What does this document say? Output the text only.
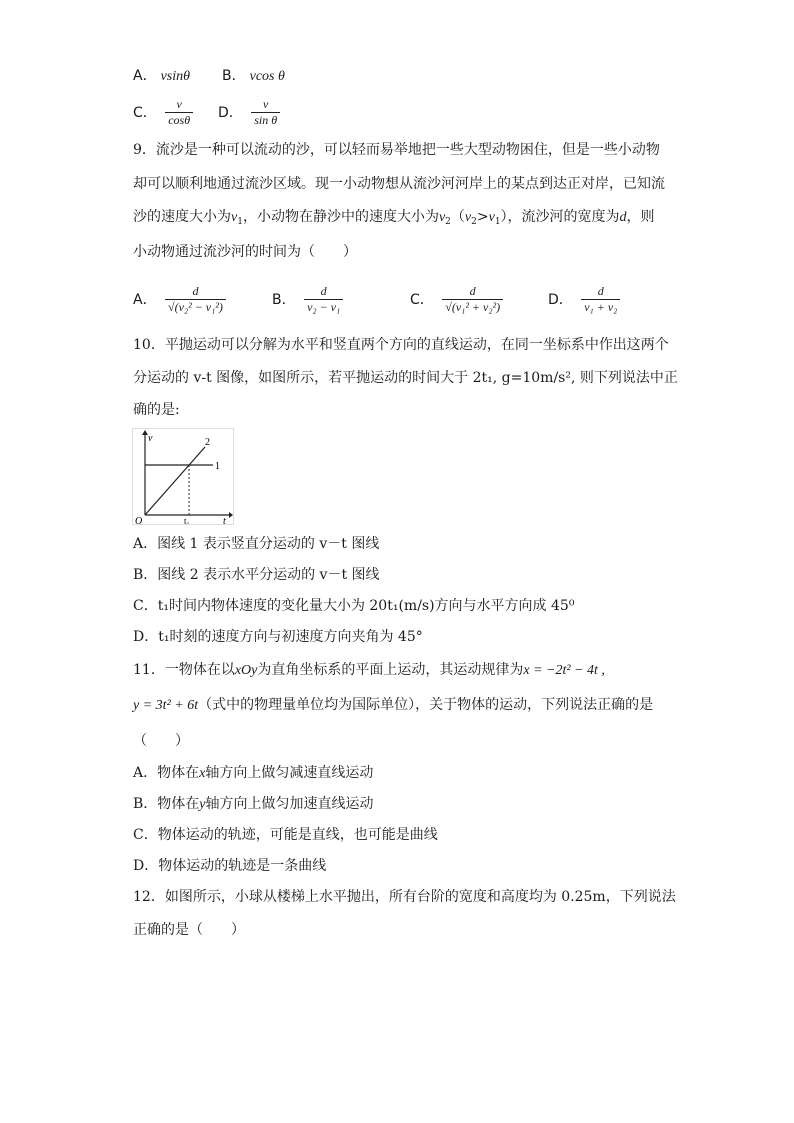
A． vsinθ B． vcos θ
C． $\frac{v}{\cos\theta}$ D． $\frac{v}{\text{sin θ}}$
9．流沙是一种可以流动的沙，可以轻而易举地把一些大型动物困住，但是一些小动物
却可以顺利地通过流沙区域。现一小动物想从流沙河河岸上的某点到达正对岸，已知流
沙的速度大小为$v_1$，小动物在静沙中的速度大小为$v_2(v_2>v_1)$，流沙河的宽度为d，则
小动物通过流沙河的时间为（　　）
A． $\frac{d}{\text{√(v₂² − v₁²)}}$	B． $\frac{d}{\text{v₂ − v₁}}$	C． $\frac{d}{\text{√(v₁² + v₂²)}}$	D． $\frac{d}{\text{v₁ + v₂}}$
10．平抛运动可以分解为水平和竖直两个方向的直线运动，在同一坐标系中作出这两个
分运动的 v-t 图像，如图所示，若平抛运动的时间大于 2t₁, g=10m/s², 则下列说法中正
确的是:
v
t
O	t₁
1
2
A．图线 1 表示竖直分运动的 v－t 图线
B．图线 2 表示水平分运动的 v－t 图线
C．t₁时间内物体速度的变化量大小为 20t₁(m/s)方向与水平方向成 45⁰
D．t₁时刻的速度方向与初速度方向夹角为 45°
11．一物体在以xOy为直角坐标系的平面上运动，其运动规律为x = −2t² − 4t ,
y = 3t² + 6t（式中的物理量单位均为国际单位），关于物体的运动，下列说法正确的是
（　　）
A．物体在x轴方向上做匀减速直线运动
B．物体在y轴方向上做匀加速直线运动
C．物体运动的轨迹，可能是直线，也可能是曲线
D．物体运动的轨迹是一条曲线
12．如图所示，小球从楼梯上水平抛出，所有台阶的宽度和高度均为 0.25m，下列说法
正确的是（　　）
